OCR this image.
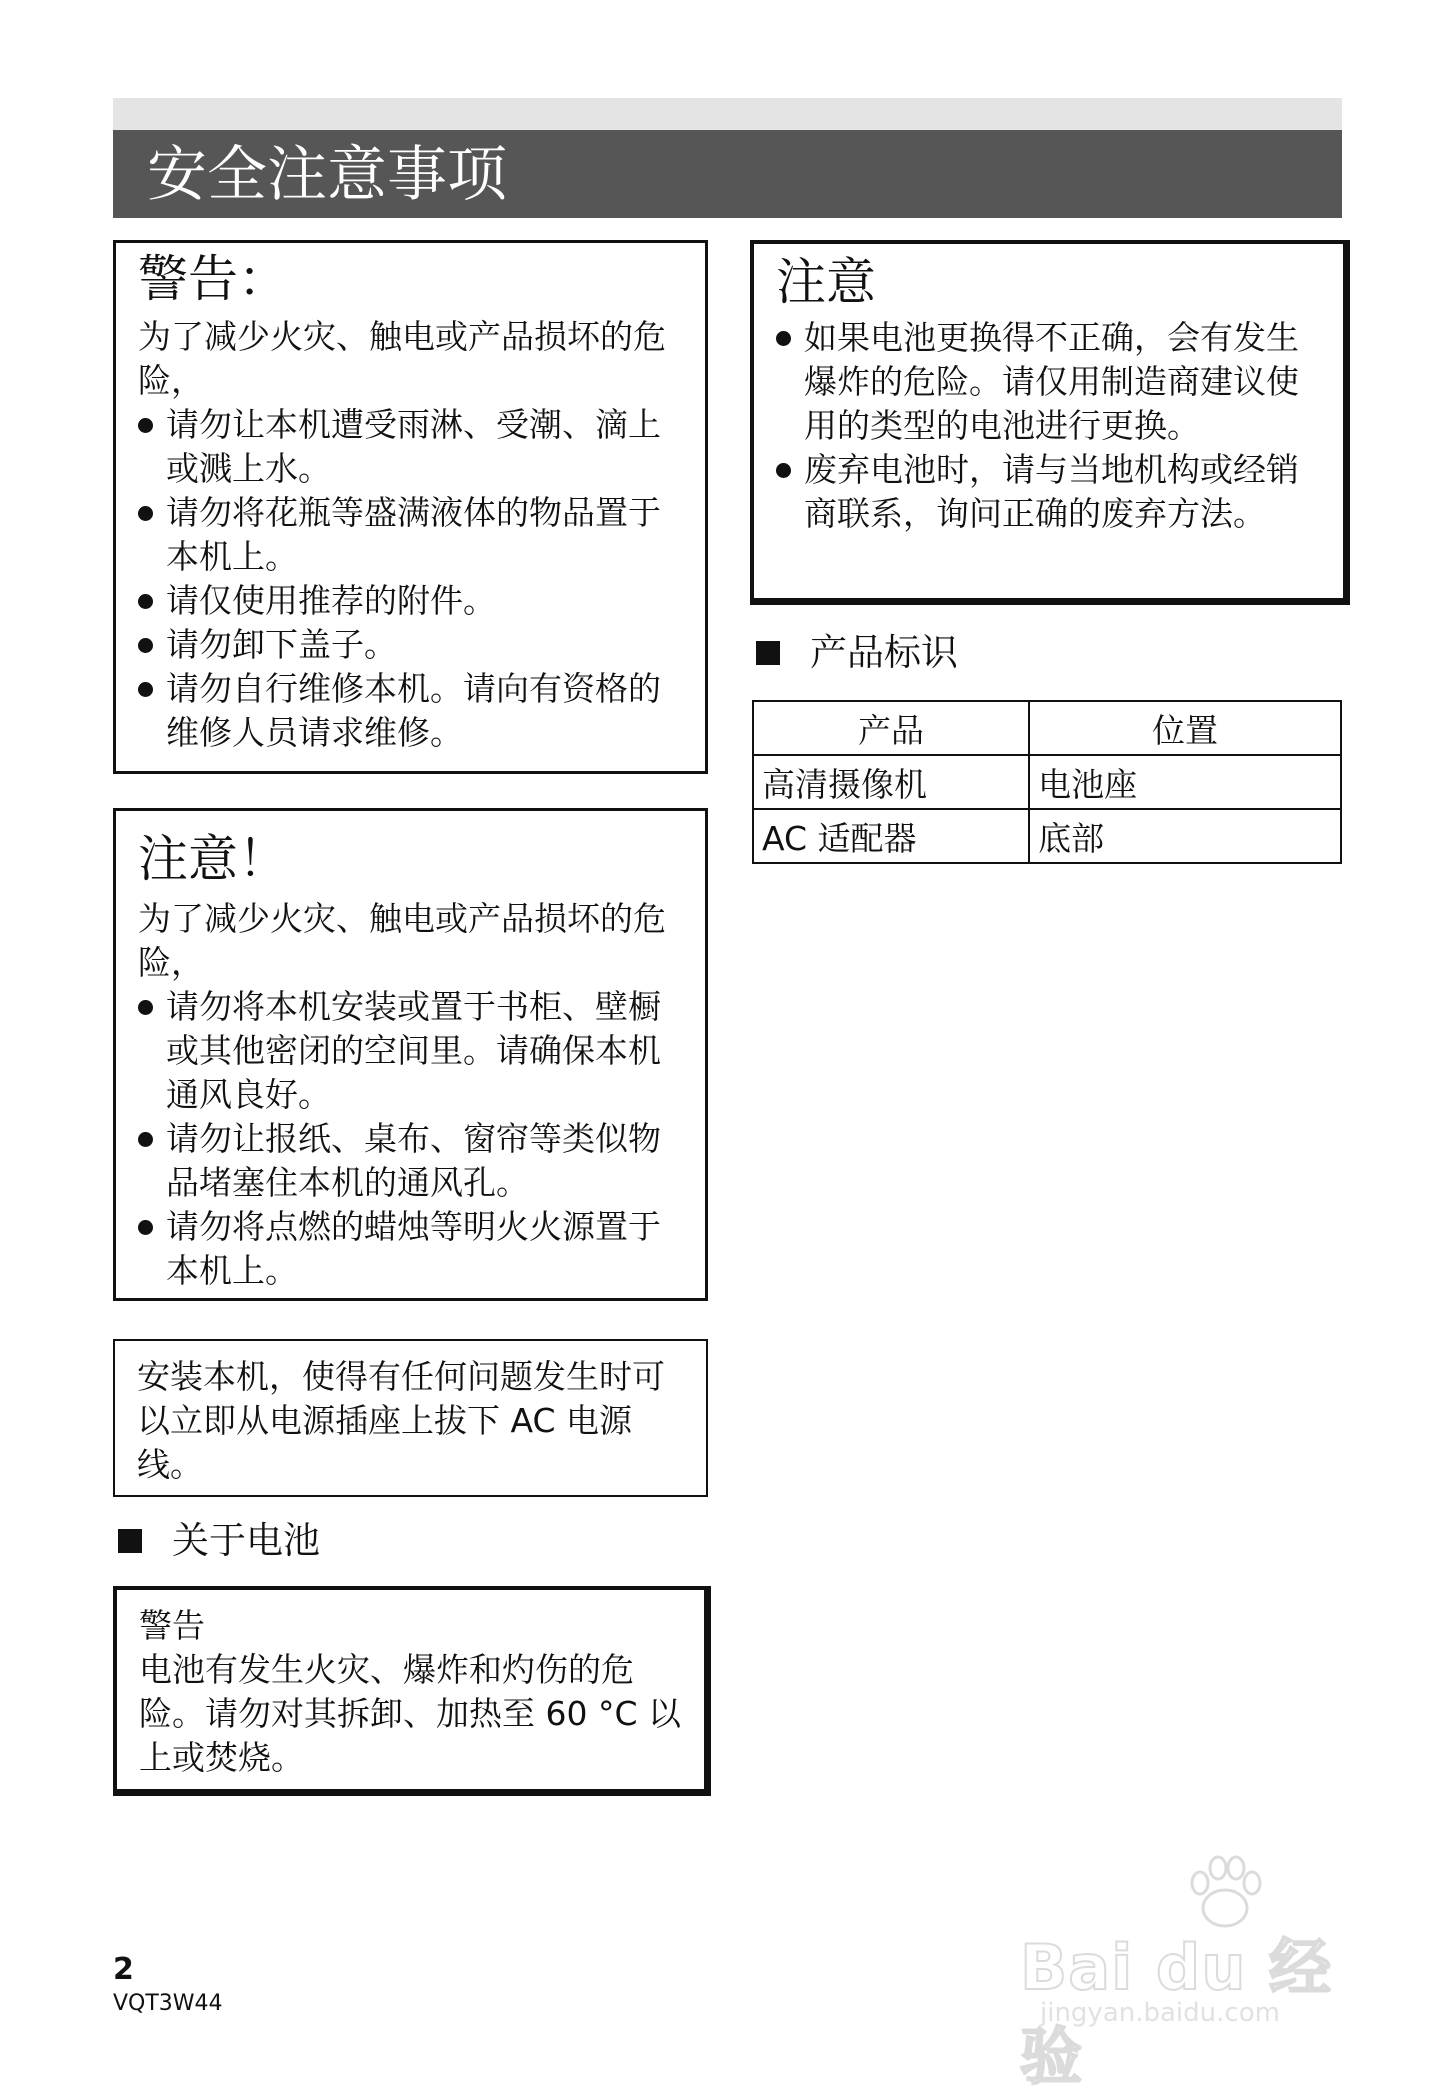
安全注意事项
警告：

为了减少火灾、触电或产品损坏的危险，

请勿让本机遭受雨淋、受潮、滴上或溅上水。
请勿将花瓶等盛满液体的物品置于本机上。
请仅使用推荐的附件。
请勿卸下盖子。
请勿自行维修本机。请向有资格的维修人员请求维修。
注意！

为了减少火灾、触电或产品损坏的危险，

请勿将本机安装或置于书柜、壁橱或其他密闭的空间里。请确保本机通风良好。
请勿让报纸、桌布、窗帘等类似物品堵塞住本机的通风孔。
请勿将点燃的蜡烛等明火火源置于本机上。

安装本机，使得有任何问题发生时可以立即从电源插座上拔下 AC 电源线。

关于电池
警告

电池有发生火灾、爆炸和灼伤的危险。请勿对其拆卸、加热至 60 °C 以上或焚烧。

注意
如果电池更换得不正确，会有发生爆炸的危险。请仅用制造商建议使用的类型的电池进行更换。
废弃电池时，请与当地机构或经销商联系，询问正确的废弃方法。
产品标识
产品	位置
高清摄像机	电池座
AC 适配器	底部

2

VQT3W44	Bai du 经验

jingyan.baidu.com
